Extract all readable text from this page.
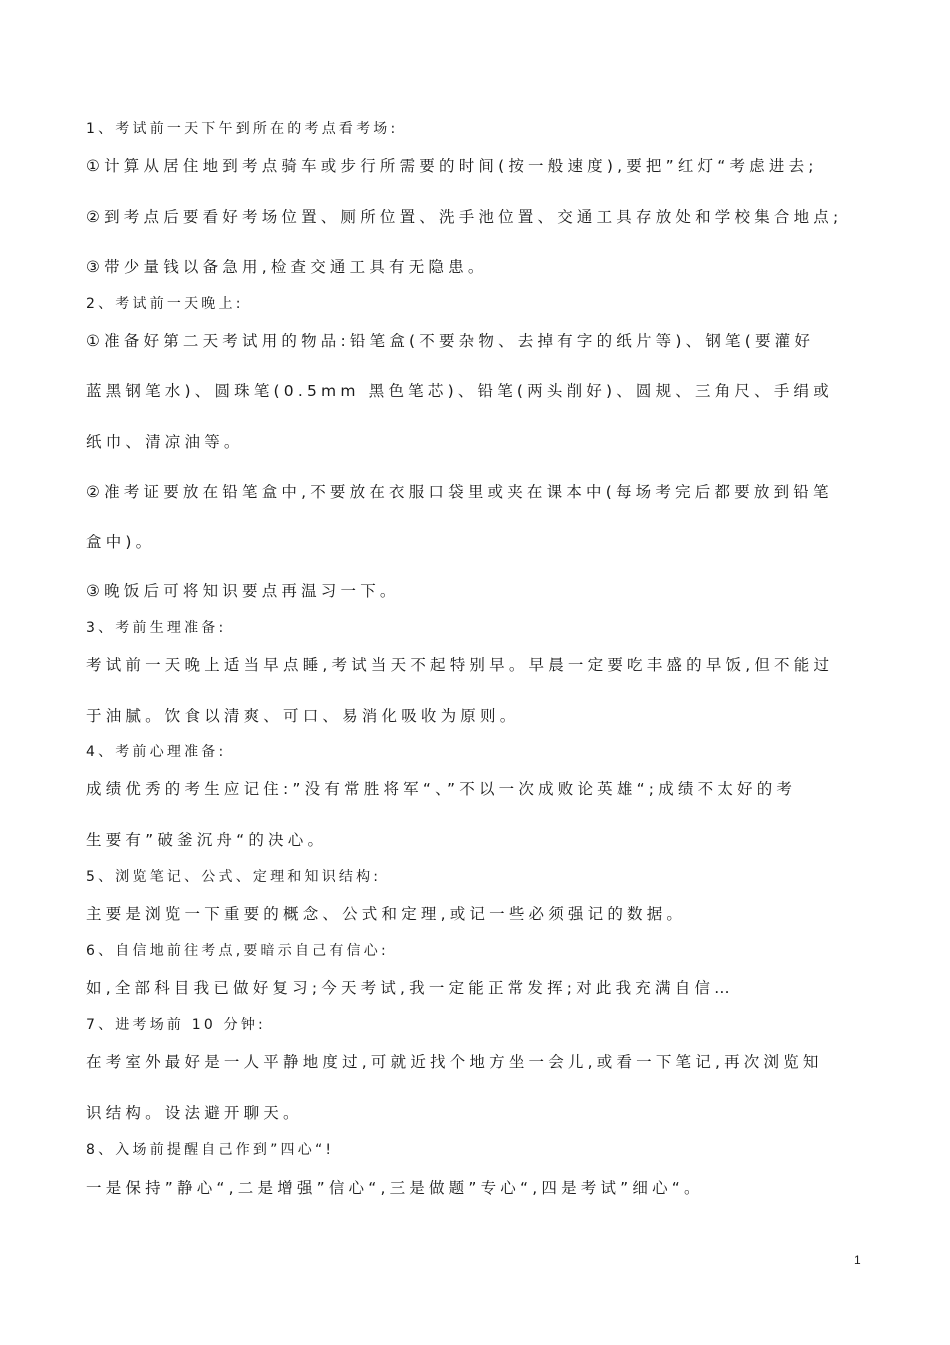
1、考试前一天下午到所在的考点看考场:
①计算从居住地到考点骑车或步行所需要的时间(按一般速度),要把”红灯“考虑进去;
②到考点后要看好考场位置、厕所位置、洗手池位置、交通工具存放处和学校集合地点;
③带少量钱以备急用,检查交通工具有无隐患。
2、考试前一天晚上:
①准备好第二天考试用的物品:铅笔盒(不要杂物、去掉有字的纸片等)、钢笔(要灌好
蓝黑钢笔水)、圆珠笔(0.5mm 黑色笔芯)、铅笔(两头削好)、圆规、三角尺、手绢或
纸巾、清凉油等。
②准考证要放在铅笔盒中,不要放在衣服口袋里或夹在课本中(每场考完后都要放到铅笔
盒中)。
③晚饭后可将知识要点再温习一下。
3、考前生理准备:
考试前一天晚上适当早点睡,考试当天不起特别早。早晨一定要吃丰盛的早饭,但不能过
于油腻。饮食以清爽、可口、易消化吸收为原则。
4、考前心理准备:
成绩优秀的考生应记住:”没有常胜将军“、”不以一次成败论英雄“;成绩不太好的考
生要有”破釜沉舟“的决心。
5、浏览笔记、公式、定理和知识结构:
主要是浏览一下重要的概念、公式和定理,或记一些必须强记的数据。
6、自信地前往考点,要暗示自己有信心:
如,全部科目我已做好复习;今天考试,我一定能正常发挥;对此我充满自信…
7、进考场前 10 分钟:
在考室外最好是一人平静地度过,可就近找个地方坐一会儿,或看一下笔记,再次浏览知
识结构。设法避开聊天。
8、入场前提醒自己作到”四心“!
一是保持”静心“,二是增强”信心“,三是做题”专心“,四是考试”细心“。
1
